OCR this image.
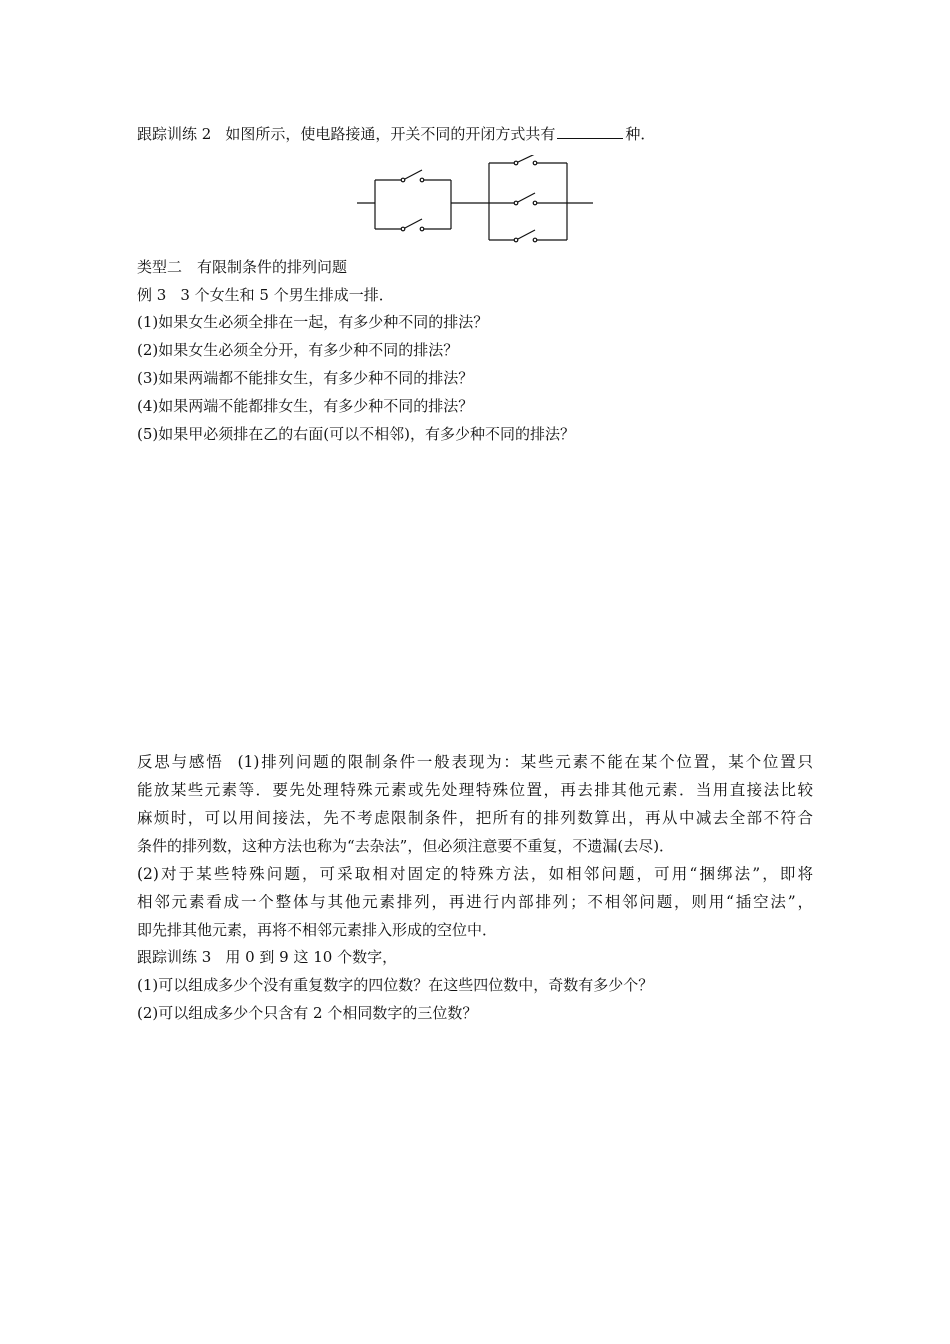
跟踪训练 2 如图所示，使电路接通，开关不同的开闭方式共有	种．
类型二　有限制条件的排列问题
例 3 3 个女生和 5 个男生排成一排．
(1)如果女生必须全排在一起，有多少种不同的排法？
(2)如果女生必须全分开，有多少种不同的排法？
(3)如果两端都不能排女生，有多少种不同的排法？
(4)如果两端不能都排女生，有多少种不同的排法？
(5)如果甲必须排在乙的右面(可以不相邻)，有多少种不同的排法？
反思与感悟 (1)排列问题的限制条件一般表现为：某些元素不能在某个位置，某个位置只
能放某些元素等．要先处理特殊元素或先处理特殊位置，再去排其他元素．当用直接法比较
麻烦时，可以用间接法，先不考虑限制条件，把所有的排列数算出，再从中减去全部不符合
条件的排列数，这种方法也称为“去杂法”，但必须注意要不重复，不遗漏(去尽)．
(2)对于某些特殊问题，可采取相对固定的特殊方法，如相邻问题，可用“捆绑法”，即将
相邻元素看成一个整体与其他元素排列，再进行内部排列；不相邻问题，则用“插空法”，
即先排其他元素，再将不相邻元素排入形成的空位中．
跟踪训练 3 用 0 到 9 这 10 个数字，
(1)可以组成多少个没有重复数字的四位数？在这些四位数中，奇数有多少个？
(2)可以组成多少个只含有 2 个相同数字的三位数？
